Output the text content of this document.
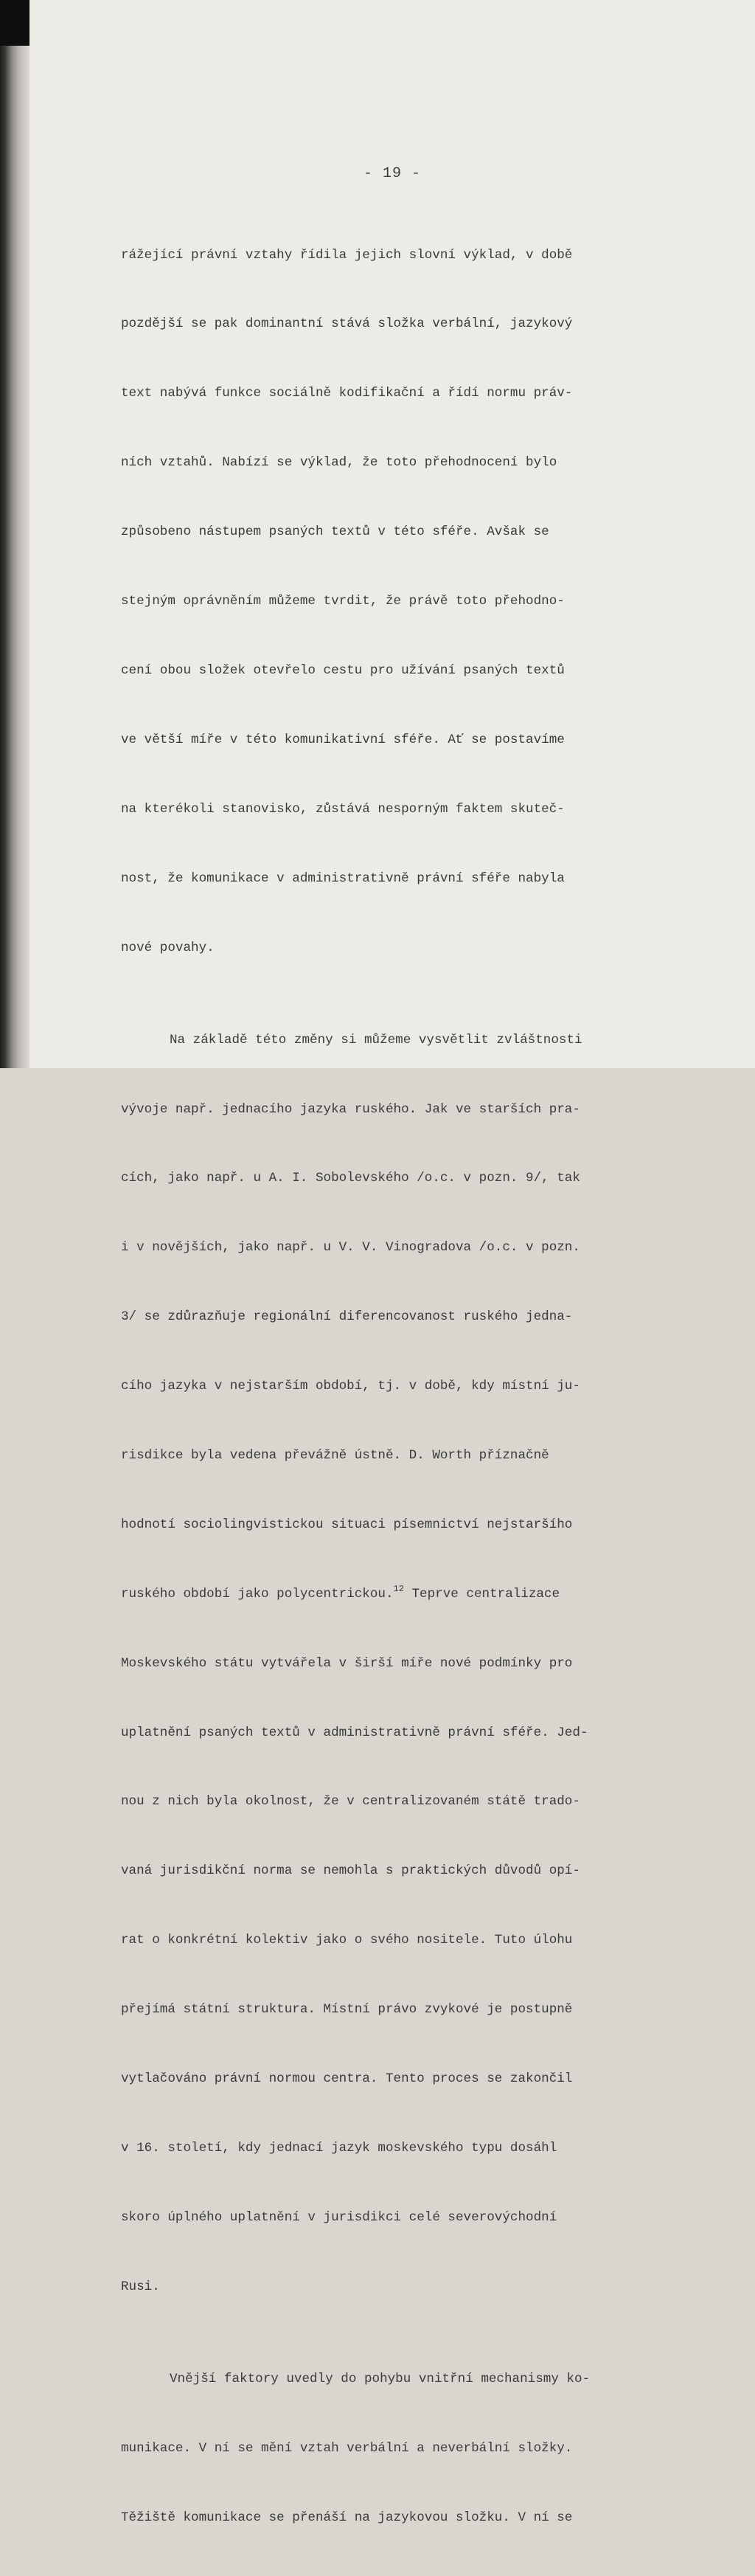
- 19 -

rážející právní vztahy řídila jejich slovní výklad, v době

pozdější se pak dominantní stává složka verbální, jazykový

text nabývá funkce sociálně kodifikační a řídí normu práv-

ních vztahů. Nabízí se výklad, že toto přehodnocení bylo

způsobeno nástupem psaných textů v této sféře. Avšak se

stejným oprávněním můžeme tvrdit, že právě toto přehodno-

cení obou složek otevřelo cestu pro užívání psaných textů

ve větší míře v této komunikativní sféře. Ať se postavíme

na kterékoli stanovisko, zůstává nesporným faktem skuteč-

nost, že komunikace v administrativně právní sféře nabyla

nové povahy.

Na základě této změny si můžeme vysvětlit zvláštnosti

vývoje např. jednacího jazyka ruského. Jak ve starších pra-

cích, jako např. u A. I. Sobolevského /o.c. v pozn. 9/, tak

i v novějších, jako např. u V. V. Vinogradova /o.c. v pozn.

3/ se zdůrazňuje regionální diferencovanost ruského jedna-

cího jazyka v nejstarším období, tj. v době, kdy místní ju-

risdikce byla vedena převážně ústně. D. Worth příznačně

hodnotí sociolingvistickou situaci písemnictví nejstaršího

ruského období jako polycentrickou.$^{12}$ Teprve centralizace

Moskevského státu vytvářela v širší míře nové podmínky pro

uplatnění psaných textů v administrativně právní sféře. Jed-

nou z nich byla okolnost, že v centralizovaném státě trado-

vaná jurisdikční norma se nemohla s praktických důvodů opí-

rat o konkrétní kolektiv jako o svého nositele. Tuto úlohu

přejímá státní struktura. Místní právo zvykové je postupně

vytlačováno právní normou centra. Tento proces se zakončil

v 16. století, kdy jednací jazyk moskevského typu dosáhl

skoro úplného uplatnění v jurisdikci celé severovýchodní

Rusi.

Vnější faktory uvedly do pohybu vnitřní mechanismy ko-

munikace. V ní se mění vztah verbální a neverbální složky.

Těžiště komunikace se přenáší na jazykovou složku. V ní se
